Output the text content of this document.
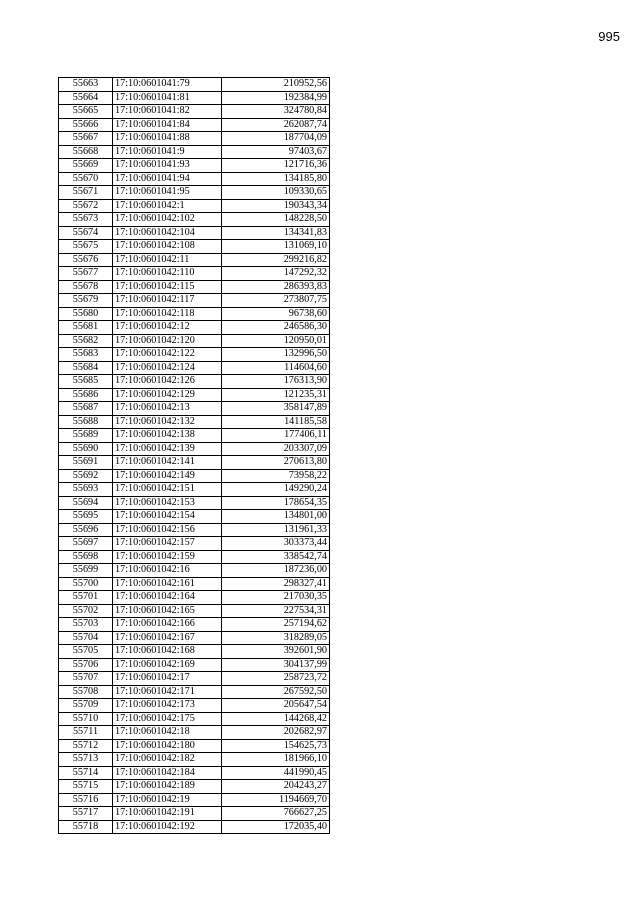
995
55663	17:10:0601041:79	210952,56
55664	17:10:0601041:81	192384,99
55665	17:10:0601041:82	324780,84
55666	17:10:0601041:84	262087,74
55667	17:10:0601041:88	187704,09
55668	17:10:0601041:9	97403,67
55669	17:10:0601041:93	121716,36
55670	17:10:0601041:94	134185,80
55671	17:10:0601041:95	109330,65
55672	17:10:0601042:1	190343,34
55673	17:10:0601042:102	148228,50
55674	17:10:0601042:104	134341,83
55675	17:10:0601042:108	131069,10
55676	17:10:0601042:11	299216,82
55677	17:10:0601042:110	147292,32
55678	17:10:0601042:115	286393,83
55679	17:10:0601042:117	273807,75
55680	17:10:0601042:118	96738,60
55681	17:10:0601042:12	246586,30
55682	17:10:0601042:120	120950,01
55683	17:10:0601042:122	132996,50
55684	17:10:0601042:124	114604,60
55685	17:10:0601042:126	176313,90
55686	17:10:0601042:129	121235,31
55687	17:10:0601042:13	358147,89
55688	17:10:0601042:132	141185,58
55689	17:10:0601042:138	177406,11
55690	17:10:0601042:139	203307,09
55691	17:10:0601042:141	270613,80
55692	17:10:0601042:149	73958,22
55693	17:10:0601042:151	149290,24
55694	17:10:0601042:153	178654,35
55695	17:10:0601042:154	134801,00
55696	17:10:0601042:156	131961,33
55697	17:10:0601042:157	303373,44
55698	17:10:0601042:159	338542,74
55699	17:10:0601042:16	187236,00
55700	17:10:0601042:161	298327,41
55701	17:10:0601042:164	217030,35
55702	17:10:0601042:165	227534,31
55703	17:10:0601042:166	257194,62
55704	17:10:0601042:167	318289,05
55705	17:10:0601042:168	392601,90
55706	17:10:0601042:169	304137,99
55707	17:10:0601042:17	258723,72
55708	17:10:0601042:171	267592,50
55709	17:10:0601042:173	205647,54
55710	17:10:0601042:175	144268,42
55711	17:10:0601042:18	202682,97
55712	17:10:0601042:180	154625,73
55713	17:10:0601042:182	181966,10
55714	17:10:0601042:184	441990,45
55715	17:10:0601042:189	204243,27
55716	17:10:0601042:19	1194669,70
55717	17:10:0601042:191	766627,25
55718	17:10:0601042:192	172035,40
